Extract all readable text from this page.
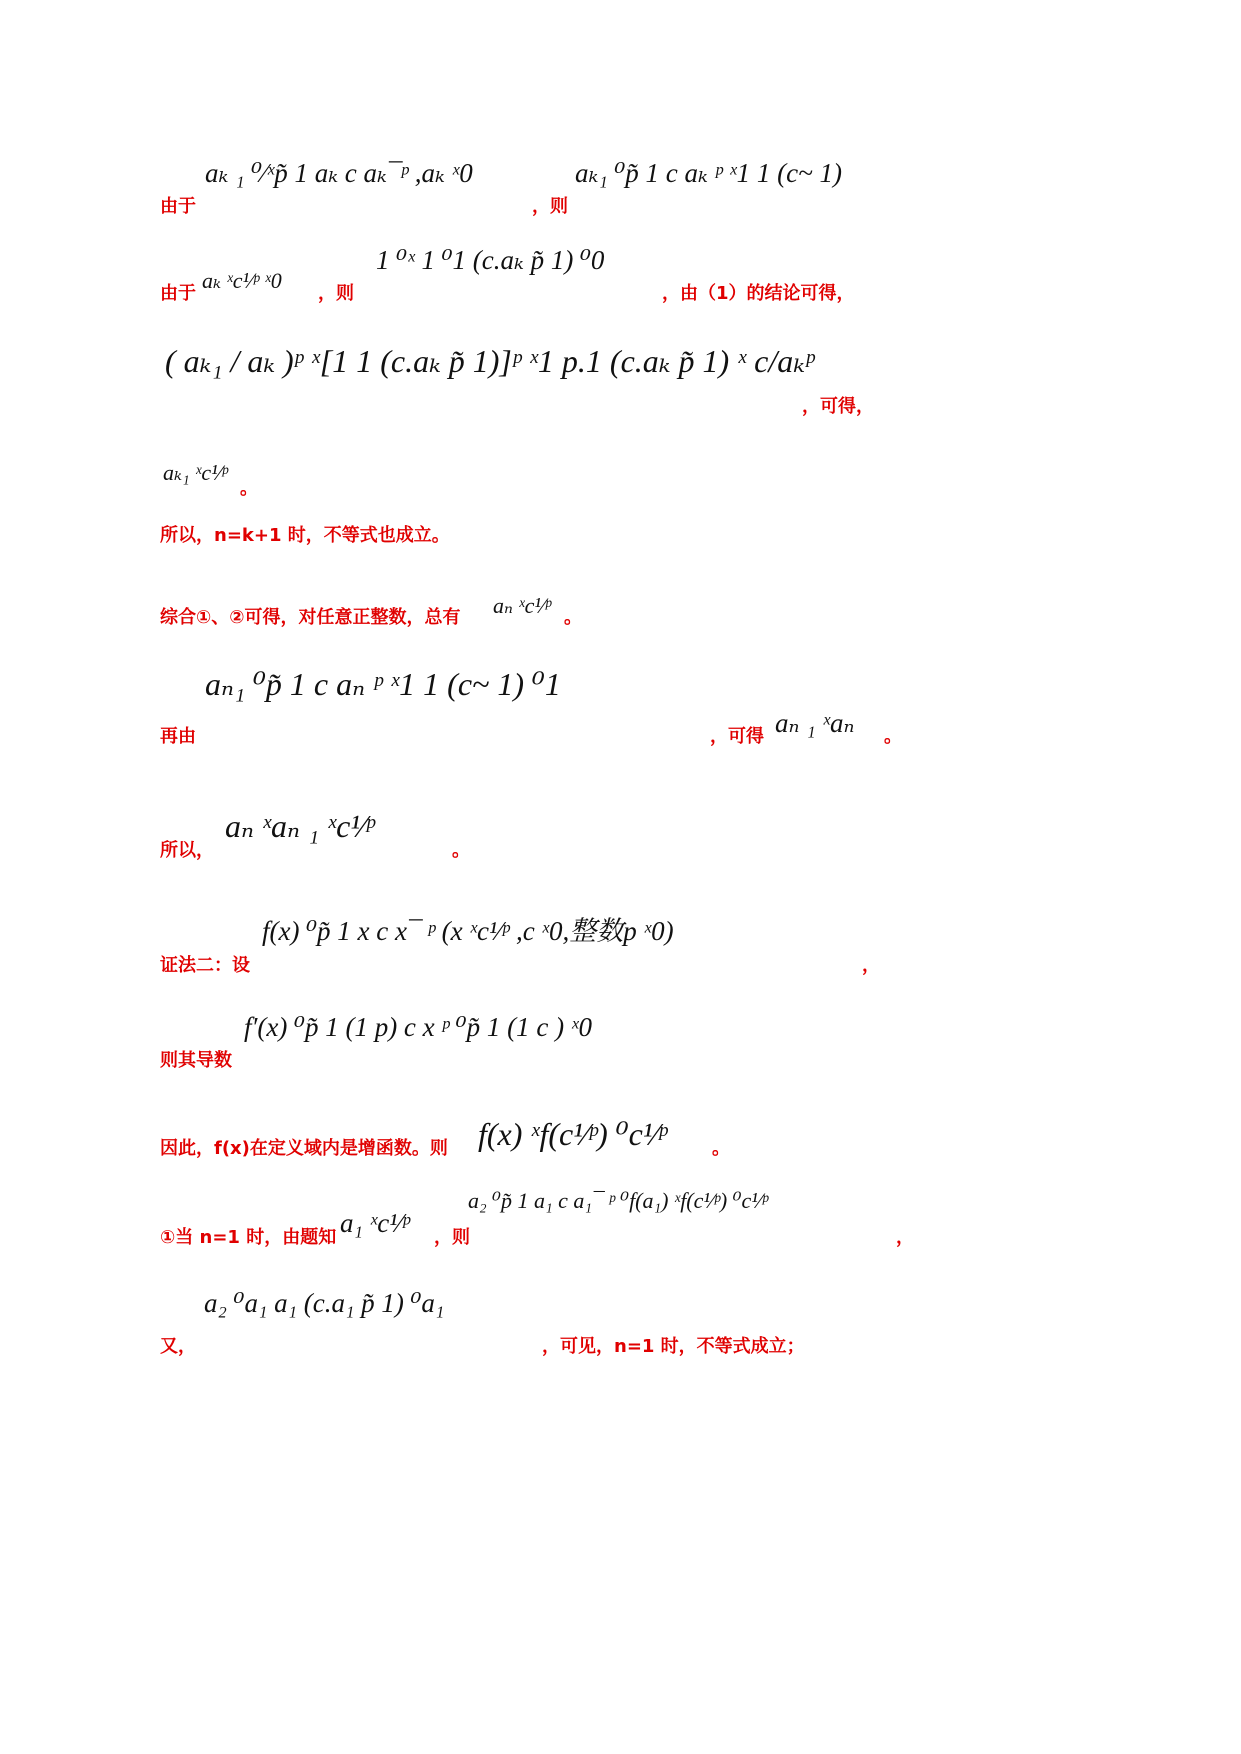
由于
aₖ ₁ ⁰⁄ˣp̃ 1 aₖ c aₖ¯ᵖ ,aₖ ˣ0
，则
aₖ₁ ⁰p̃ 1 c aₖ ᵖ ˣ1 1 (c~ 1)
由于
aₖ ˣc¹⁄ᵖ ˣ0
，则
1 ⁰ˣ 1 ⁰1 (c.aₖ p̃ 1) ⁰0
，由（1）的结论可得，
( aₖ₁ / aₖ )ᵖ ˣ[1 1 (c.aₖ p̃ 1)]ᵖ ˣ1 p.1 (c.aₖ p̃ 1) ˣ c/aₖᵖ
，可得，
aₖ₁ ˣc¹⁄ᵖ
。
所以，n=k+1 时，不等式也成立。
综合①、②可得，对任意正整数，总有 aₙ ˣc¹⁄ᵖ 。
再由
aₙ₁ ⁰p̃ 1 c aₙ ᵖ ˣ1 1 (c~ 1) ⁰1
，可得 aₙ ₁ ˣaₙ 。
所以，
aₙ ˣaₙ ₁ ˣc¹⁄ᵖ
。
证法二：设
f(x) ⁰p̃ 1 x c x¯ ᵖ (x ˣc¹⁄ᵖ ,c ˣ0,整数p ˣ0)
，
则其导数
f′(x) ⁰p̃ 1 (1 p) c x ᵖ ⁰p̃ 1 (1 c ) ˣ0
因此，f(x)在定义域内是增函数。则 f(x) ˣf(c¹⁄ᵖ) ⁰c¹⁄ᵖ	。
①当 n=1 时，由题知 a₁ ˣc¹⁄ᵖ ，则
a₂ ⁰p̃ 1 a₁ c a₁¯ ᵖ ⁰f(a₁) ˣf(c¹⁄ᵖ) ⁰c¹⁄ᵖ
，
又，
a₂ ⁰a₁ a₁ (c.a₁ p̃ 1) ⁰a₁
，可见，n=1 时，不等式成立；
